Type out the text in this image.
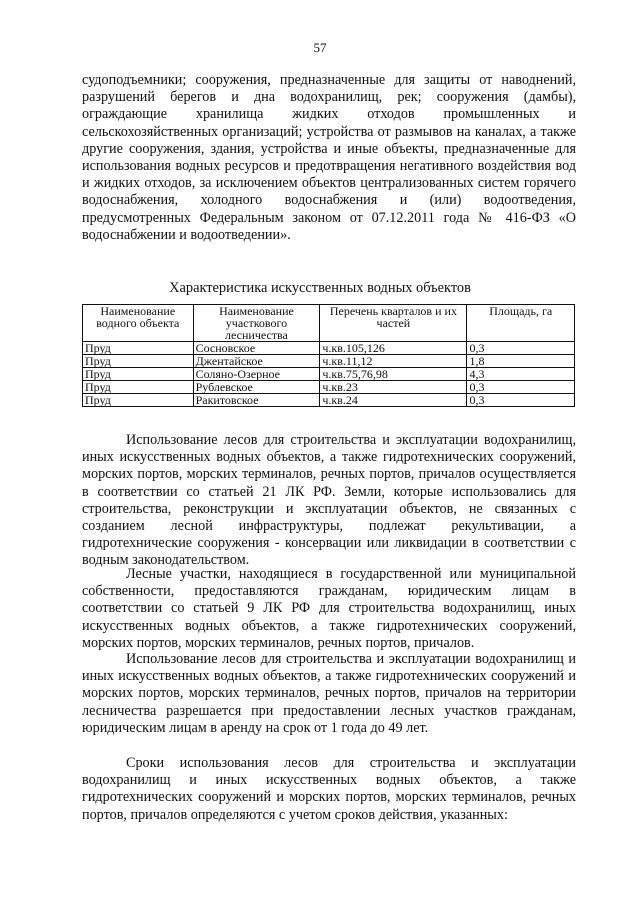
57

судоподъемники; сооружения, предназначенные для защиты от наводнений, разрушений берегов и дна водохранилищ, рек; сооружения (дамбы), ограждающие хранилища жидких отходов промышленных и сельскохозяйственных организаций; устройства от размывов на каналах, а также другие сооружения, здания, устройства и иные объекты, предназначенные для использования водных ресурсов и предотвращения негативного воздействия вод и жидких отходов, за исключением объектов централизованных систем горячего водоснабжения, холодного водоснабжения и (или) водоотведения, предусмотренных Федеральным законом от 07.12.2011 года № 416-ФЗ «О водоснабжении и водоотведении».

Характеристика искусственных водных объектов
Наименование водного объекта	Наименование участкового лесничества	Перечень кварталов и их частей	Площадь, га
Пруд	Сосновское	ч.кв.105,126	0,3
Пруд	Джентайское	ч.кв.11,12	1,8
Пруд	Соляно-Озерное	ч.кв.75,76,98	4,3
Пруд	Рублевское	ч.кв.23	0,3
Пруд	Ракитовское	ч.кв.24	0,3

Использование лесов для строительства и эксплуатации водохранилищ, иных искусственных водных объектов, а также гидротехнических сооружений, морских портов, морских терминалов, речных портов, причалов осуществляется в соответствии со статьей 21 ЛК РФ. Земли, которые использовались для строительства, реконструкции и эксплуатации объектов, не связанных с созданием лесной инфраструктуры, подлежат рекультивации, а гидротехнические сооружения - консервации или ликвидации в соответствии с водным законодательством.

Лесные участки, находящиеся в государственной или муниципальной собственности, предоставляются гражданам, юридическим лицам в соответствии со статьей 9 ЛК РФ для строительства водохранилищ, иных искусственных водных объектов, а также гидротехнических сооружений, морских портов, морских терминалов, речных портов, причалов.

Использование лесов для строительства и эксплуатации водохранилищ и иных искусственных водных объектов, а также гидротехнических сооружений и морских портов, морских терминалов, речных портов, причалов на территории лесничества разрешается при предоставлении лесных участков гражданам, юридическим лицам в аренду на срок от 1 года до 49 лет.

Сроки использования лесов для строительства и эксплуатации водохранилищ и иных искусственных водных объектов, а также гидротехнических сооружений и морских портов, морских терминалов, речных портов, причалов определяются с учетом сроков действия, указанных:
